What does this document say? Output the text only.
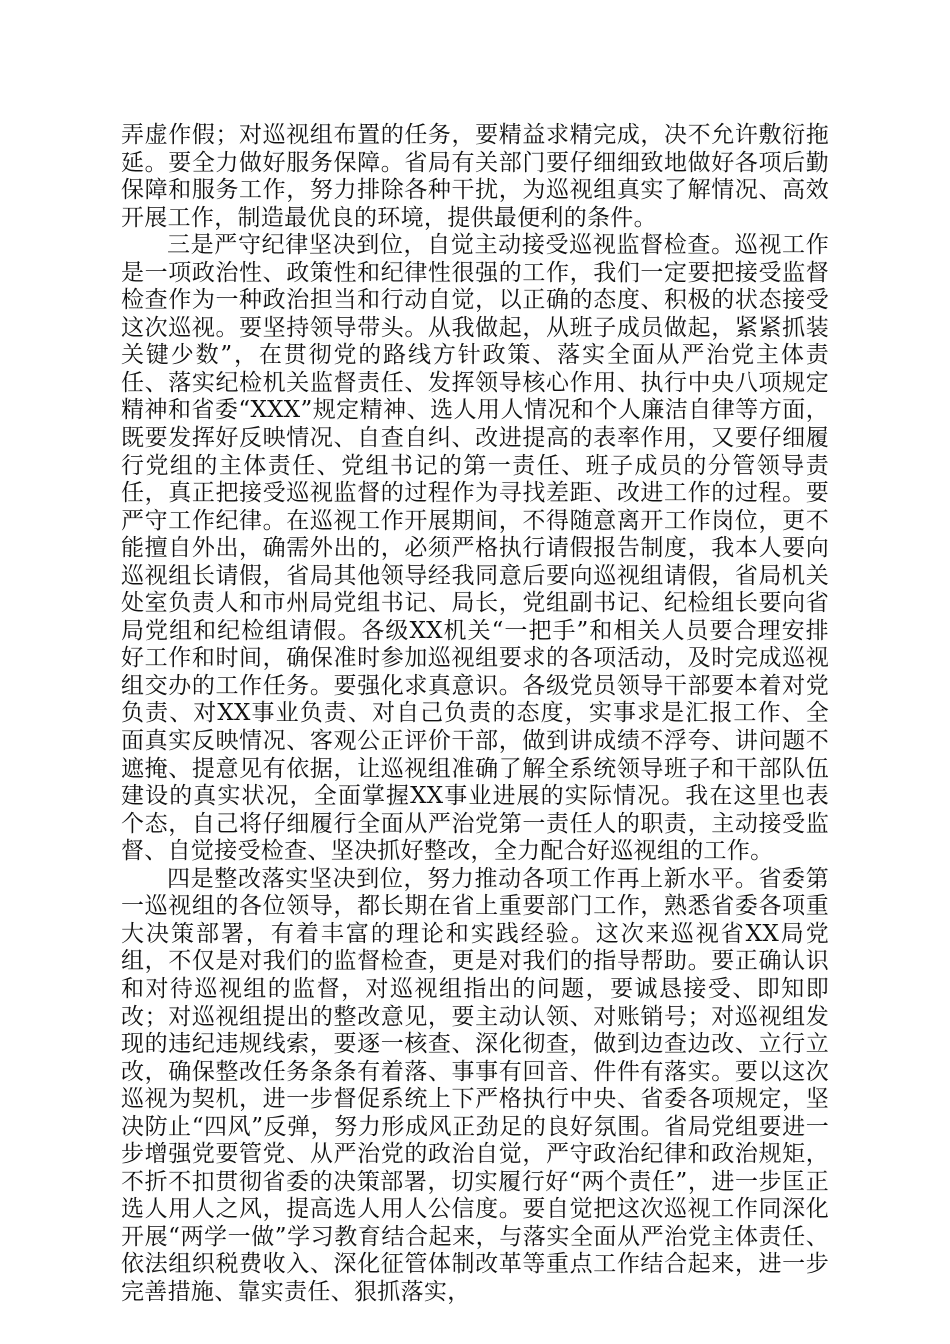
弄虚作假；对巡视组布置的任务，要精益求精完成，决不允许敷衍拖延。要全力做好服务保障。省局有关部门要仔细细致地做好各项后勤保障和服务工作，努力排除各种干扰，为巡视组真实了解情况、高效开展工作，制造最优良的环境，提供最便利的条件。

三是严守纪律坚决到位，自觉主动接受巡视监督检查。巡视工作是一项政治性、政策性和纪律性很强的工作，我们一定要把接受监督检查作为一种政治担当和行动自觉，以正确的态度、积极的状态接受这次巡视。要坚持领导带头。从我做起，从班子成员做起，紧紧抓装关键少数”，在贯彻党的路线方针政策、落实全面从严治党主体责任、落实纪检机关监督责任、发挥领导核心作用、执行中央八项规定精神和省委“XXX”规定精神、选人用人情况和个人廉洁自律等方面，既要发挥好反映情况、自查自纠、改进提高的表率作用，又要仔细履行党组的主体责任、党组书记的第一责任、班子成员的分管领导责任，真正把接受巡视监督的过程作为寻找差距、改进工作的过程。要严守工作纪律。在巡视工作开展期间，不得随意离开工作岗位，更不能擅自外出，确需外出的，必须严格执行请假报告制度，我本人要向巡视组长请假，省局其他领导经我同意后要向巡视组请假，省局机关处室负责人和市州局党组书记、局长，党组副书记、纪检组长要向省局党组和纪检组请假。各级XX机关“一把手”和相关人员要合理安排好工作和时间，确保准时参加巡视组要求的各项活动，及时完成巡视组交办的工作任务。要强化求真意识。各级党员领导干部要本着对党负责、对XX事业负责、对自己负责的态度，实事求是汇报工作、全面真实反映情况、客观公正评价干部，做到讲成绩不浮夸、讲问题不遮掩、提意见有依据，让巡视组准确了解全系统领导班子和干部队伍建设的真实状况，全面掌握XX事业进展的实际情况。我在这里也表个态，自己将仔细履行全面从严治党第一责任人的职责，主动接受监督、自觉接受检查、坚决抓好整改，全力配合好巡视组的工作。

四是整改落实坚决到位，努力推动各项工作再上新水平。省委第一巡视组的各位领导，都长期在省上重要部门工作，熟悉省委各项重大决策部署，有着丰富的理论和实践经验。这次来巡视省XX局党组，不仅是对我们的监督检查，更是对我们的指导帮助。要正确认识和对待巡视组的监督，对巡视组指出的问题，要诚恳接受、即知即改；对巡视组提出的整改意见，要主动认领、对账销号；对巡视组发现的违纪违规线索，要逐一核查、深化彻查，做到边查边改、立行立改，确保整改任务条条有着落、事事有回音、件件有落实。要以这次巡视为契机，进一步督促系统上下严格执行中央、省委各项规定，坚决防止“四风”反弹，努力形成风正劲足的良好氛围。省局党组要进一步增强党要管党、从严治党的政治自觉，严守政治纪律和政治规矩，不折不扣贯彻省委的决策部署，切实履行好“两个责任”，进一步匡正选人用人之风，提高选人用人公信度。要自觉把这次巡视工作同深化开展“两学一做”学习教育结合起来，与落实全面从严治党主体责任、依法组织税费收入、深化征管体制改革等重点工作结合起来，进一步完善措施、靠实责任、狠抓落实，
